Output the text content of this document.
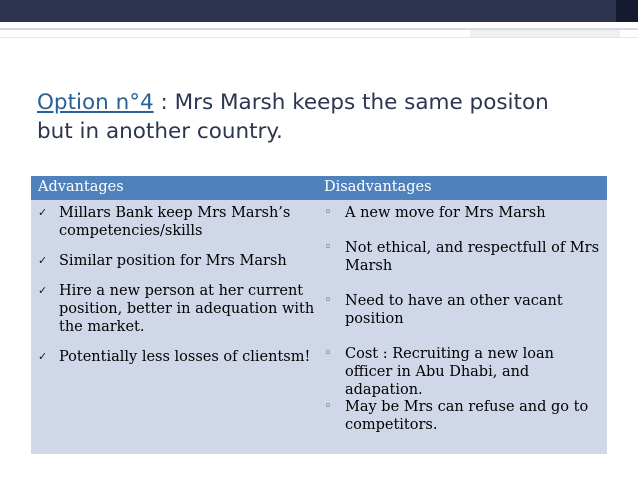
Option n°4 : Mrs Marsh keeps the same positon
but in another country.
Advantages	Disadvantages
✓ Millars Bank keep Mrs Marsh’s competencies/skills
✓ Similar position for Mrs Marsh
✓ Hire a new person at her current position, better in adequation with the market.
✓ Potentially less losses of clientsm!
◦ A new move for Mrs Marsh
◦ Not ethical, and respectfull of Mrs Marsh
◦ Need to have an other vacant position
◦ Cost : Recruiting a new loan officer in Abu Dhabi, and adapation.
◦ May be Mrs can refuse and go to competitors.
